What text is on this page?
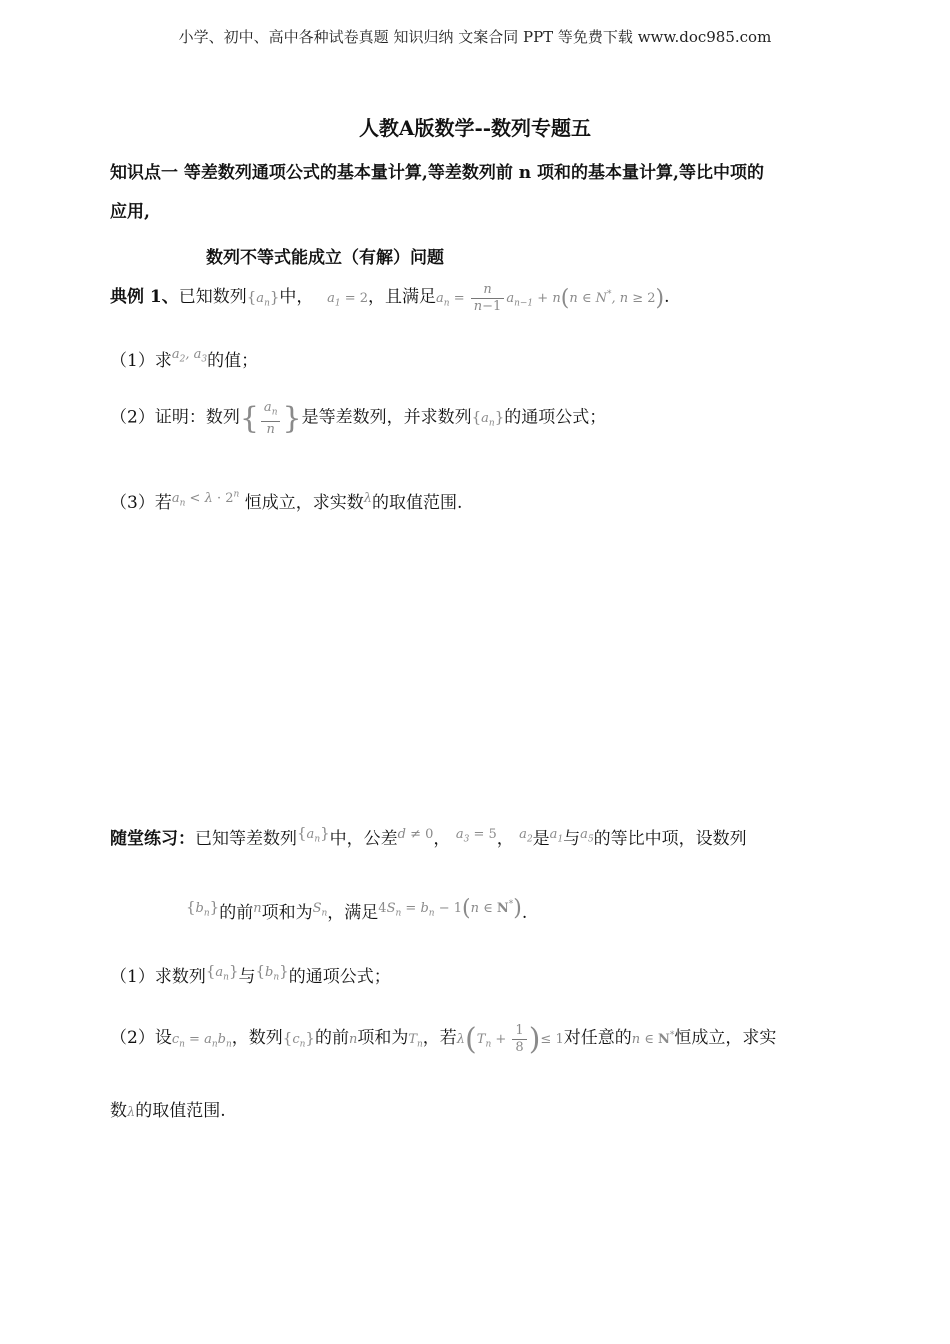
小学、初中、高中各种试卷真题 知识归纳 文案合同 PPT 等免费下载 www.doc985.com
人教A版数学--数列专题五
知识点一 等差数列通项公式的基本量计算,等差数列前 n 项和的基本量计算,等比中项的
应用,
数列不等式能成立（有解）问题
典例 1、已知数列$\{a_n\}$中， $a_1 = 2$，且满足$a_n = \frac{n}{n-1} a_{n-1} + n(n$ ∈ N*, n ≥ 2).
（1）求$^{a_2, a_3}$的值；
（2）证明：数列{ $\frac{a_n}{n}$ }是等差数列，并求数列$\{a_n\}$的通项公式；
（3）若$^{a_n < \lambda \cdot 2^n}$ 恒成立，求实数$^\lambda$的取值范围.
随堂练习：已知等差数列$^{\{a_n\}}$中，公差$^{d \ne 0}$， $^{a_3 = 5}$， $^{a_2}$是$^{a_1}$与$^{a_5}$的等比中项，设数列
$^{\{b_n\}}$的前$^n$项和为$^{S_n}$，满足$^{4S_n = b_n - 1(n \in N^*)}$.
（1）求数列$^{\{a_n\}}$与$^{\{b_n\}}$的通项公式；
（2）设$c_n = a_nb_n$，数列$\{c_n\}$的前n项和为$T_n$，若$\lambda(T_n + \frac{1}{8}$ )≤ 1对任意的n ∈ N*恒成立，求实
数λ的取值范围.
